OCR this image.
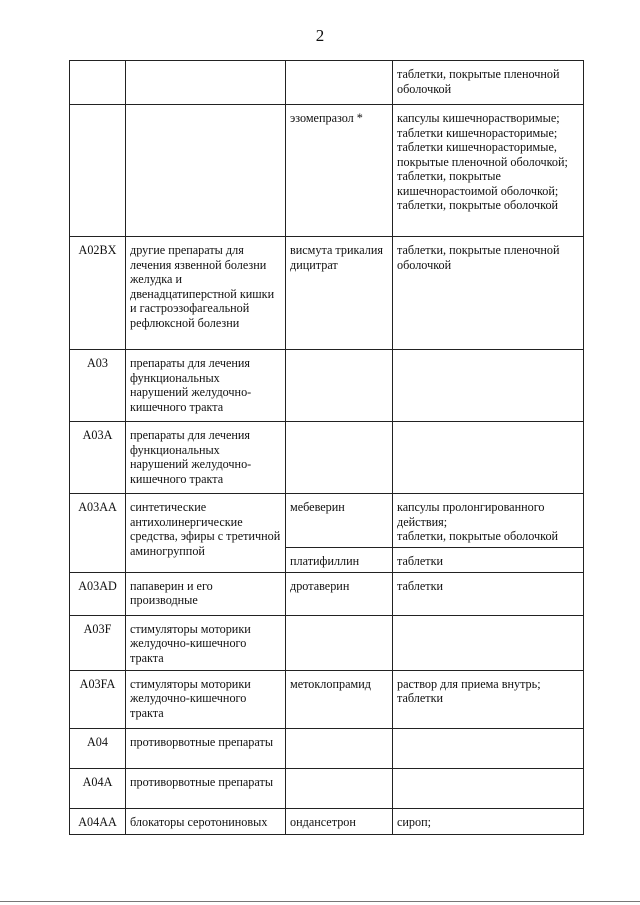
2
			таблетки, покрытые пленочной оболочкой
		эзомепразол *	капсулы кишечнорастворимые;
таблетки кишечнорасторимые;
таблетки кишечнорасторимые, покрытые пленочной оболочкой;
таблетки, покрытые кишечнорастоимой оболочкой;
таблетки, покрытые оболочкой
A02BX	другие препараты для лечения язвенной болезни желудка и двенадцатиперстной кишки и гастроэзофагеальной рефлюксной болезни	висмута трикалия дицитрат	таблетки, покрытые пленочной оболочкой
A03	препараты для лечения функциональных нарушений желудочно-кишечного тракта		
A03A	препараты для лечения функциональных нарушений желудочно-кишечного тракта		
A03AA	синтетические антихолинергические средства, эфиры с третичной аминогруппой	мебеверин	капсулы пролонгированного действия;
таблетки, покрытые оболочкой
		платифиллин	таблетки
A03AD	папаверин и его производные	дротаверин	таблетки
A03F	стимуляторы моторики желудочно-кишечного тракта		
A03FA	стимуляторы моторики желудочно-кишечного тракта	метоклопрамид	раствор для приема внутрь;
таблетки
A04	противорвотные препараты		
A04A	противорвотные препараты		
A04AA	блокаторы серотониновых	ондансетрон	сироп;
